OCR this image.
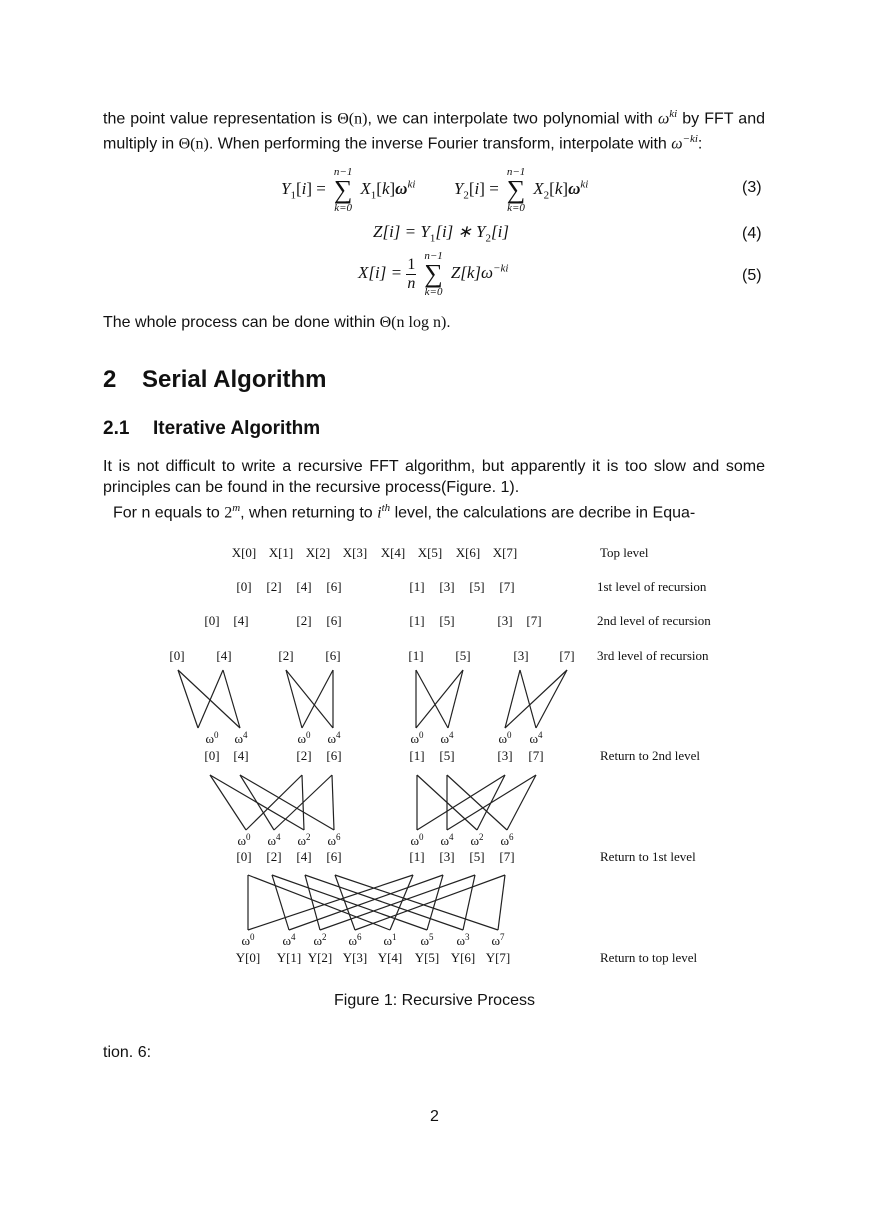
the point value representation is Θ(n), we can interpolate two polynomial with $\omega^{ki}$ by FFT and multiply in Θ(n). When performing the inverse Fourier transform, interpolate with $\omega^{-ki}$:
$Y_1[i]$ =
n−1
∑
k=0
$X_1[k]\omega^{ki}$ $Y_2[i]$ =
n−1
∑
k=0
$X_2[k]\omega^{ki}$	(3)
$Z[i] = Y_1[i]$ ∗ $Y_2[i]$	(4)
$X[i] = \frac{1}{n}$
n−1
∑
k=0
$Z[k]\omega^{-ki}$	(5)
The whole process can be done within Θ(n log n).
2 Serial Algorithm
2.1 Iterative Algorithm
It is not difficult to write a recursive FFT algorithm, but apparently it is too slow and some principles can be found in the recursive process(Figure. 1).
For n equals to 2$^m$, when returning to $i^{th}$ level, the calculations are decribe in Equa-
X[0] X[1] X[2] X[3] X[4] X[5] X[6] X[7]
[0] [2] [4] [6]	[1] [3] [5] [7]
[0] [4]	[2] [6]	[1] [5]	[3] [7]
[0] [4]	[2] [6]	[1] [5]	[3] [7]
$\omega^0$ $\omega^4$	$\omega^0$ $\omega^4$	$\omega^0$ $\omega^4$	$\omega^0$ $\omega^4$
[0] [4]	[2] [6]	[1] [5]	[3] [7]
$\omega^0$ $\omega^4$ $\omega^2$ $\omega^6$	$\omega^0$ $\omega^4$ $\omega^2$ $\omega^6$
[0] [2] [4] [6]	[1] [3] [5] [7]
$\omega^0$ $\omega^4$ $\omega^2$ $\omega^6$ $\omega^1$ $\omega^5$ $\omega^3$ $\omega^7$
Y[0] Y[1] Y[2] Y[3] Y[4] Y[5] Y[6] Y[7]
Top level
1st level of recursion
2nd level of recursion
3rd level of recursion
Return to 2nd level
Return to 1st level
Return to top level
Figure 1: Recursive Process
tion. 6:
2
